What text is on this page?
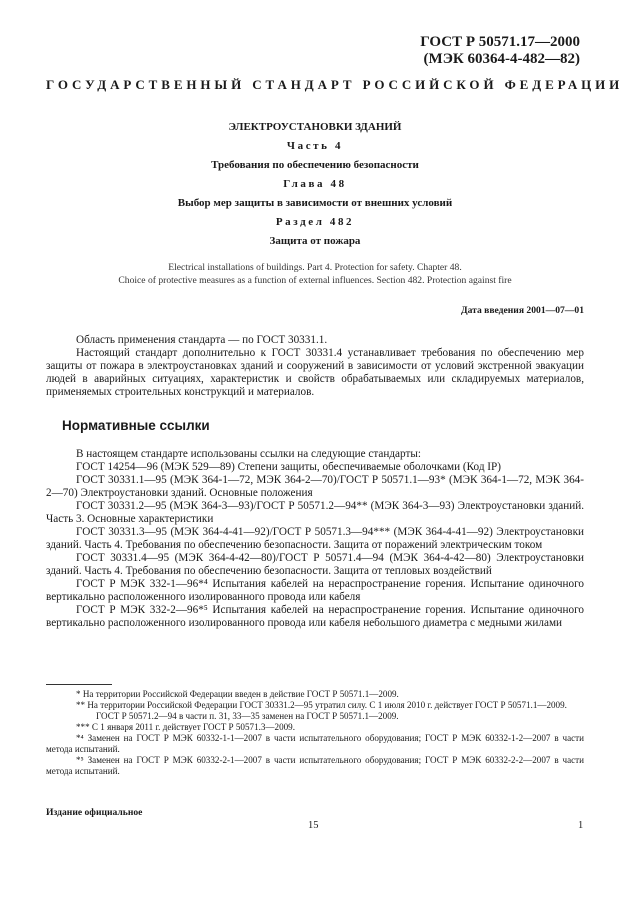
ГОСТ Р 50571.17—2000
(МЭК 60364-4-482—82)
ГОСУДАРСТВЕННЫЙ СТАНДАРТ РОССИЙСКОЙ ФЕДЕРАЦИИ
ЭЛЕКТРОУСТАНОВКИ ЗДАНИЙ
Часть 4
Требования по обеспечению безопасности
Глава 48
Выбор мер защиты в зависимости от внешних условий
Раздел 482
Защита от пожара
Electrical installations of buildings. Part 4. Protection for safety. Chapter 48.
Choice of protective measures as a function of external influences. Section 482. Protection against fire
Дата введения 2001—07—01

Область применения стандарта — по ГОСТ 30331.1.

Настоящий стандарт дополнительно к ГОСТ 30331.4 устанавливает требования по обеспечению мер защиты от пожара в электроустановках зданий и сооружений в зависимости от условий экстренной эвакуации людей в аварийных ситуациях, характеристик и свойств обрабатываемых или складируемых материалов, применяемых строительных конструкций и материалов.

Нормативные ссылки

В настоящем стандарте использованы ссылки на следующие стандарты:

ГОСТ 14254—96 (МЭК 529—89) Степени защиты, обеспечиваемые оболочками (Код IP)

ГОСТ 30331.1—95 (МЭК 364-1—72, МЭК 364-2—70)/ГОСТ Р 50571.1—93* (МЭК 364-1—72, МЭК 364-2—70) Электроустановки зданий. Основные положения

ГОСТ 30331.2—95 (МЭК 364-3—93)/ГОСТ Р 50571.2—94** (МЭК 364-3—93) Электроустановки зданий. Часть 3. Основные характеристики

ГОСТ 30331.3—95 (МЭК 364-4-41—92)/ГОСТ Р 50571.3—94*** (МЭК 364-4-41—92) Электроустановки зданий. Часть 4. Требования по обеспечению безопасности. Защита от поражений электрическим током

ГОСТ 30331.4—95 (МЭК 364-4-42—80)/ГОСТ Р 50571.4—94 (МЭК 364-4-42—80) Электроустановки зданий. Часть 4. Требования по обеспечению безопасности. Защита от тепловых воздействий

ГОСТ Р МЭК 332-1—96*⁴ Испытания кабелей на нераспространение горения. Испытание одиночного вертикально расположенного изолированного провода или кабеля

ГОСТ Р МЭК 332-2—96*⁵ Испытания кабелей на нераспространение горения. Испытание одиночного вертикально расположенного изолированного провода или кабеля небольшого диаметра с медными жилами

* На территории Российской Федерации введен в действие ГОСТ Р 50571.1—2009.

** На территории Российской Федерации ГОСТ 30331.2—95 утратил силу. С 1 июля 2010 г. действует ГОСТ Р 50571.1—2009.

ГОСТ Р 50571.2—94 в части п. 31, 33—35 заменен на ГОСТ Р 50571.1—2009.

*** С 1 января 2011 г. действует ГОСТ Р 50571.3—2009.

*⁴ Заменен на ГОСТ Р МЭК 60332-1-1—2007 в части испытательного оборудования; ГОСТ Р МЭК 60332-1-2—2007 в части метода испытаний.

*⁵ Заменен на ГОСТ Р МЭК 60332-2-1—2007 в части испытательного оборудования; ГОСТ Р МЭК 60332-2-2—2007 в части метода испытаний.

Издание официальное
15	1
